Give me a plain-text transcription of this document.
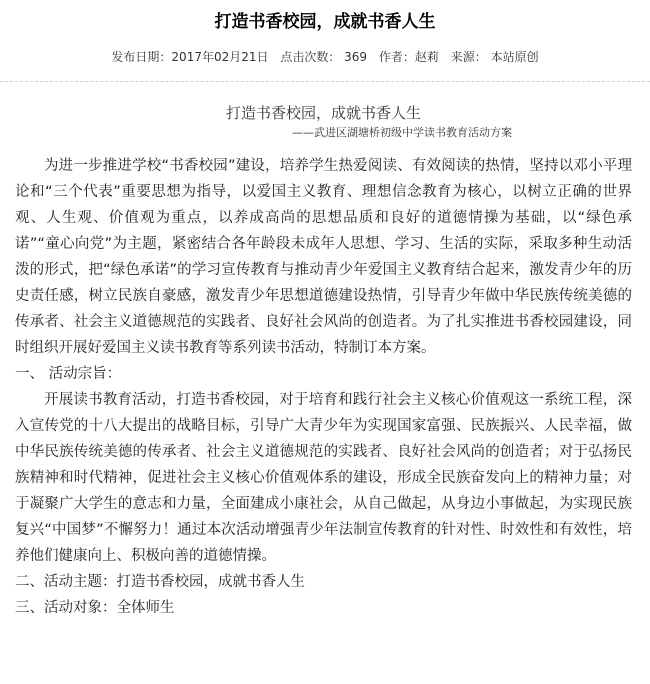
打造书香校园，成就书香人生
发布日期：2017年02月21日 点击次数： 369 作者：赵莉 来源： 本站原创
打造书香校园，成就书香人生
——武进区湖塘桥初级中学读书教育活动方案

为进一步推进学校“书香校园”建设，培养学生热爱阅读、有效阅读的热情，坚持以邓小平理论和“三个代表”重要思想为指导，以爱国主义教育、理想信念教育为核心，以树立正确的世界观、人生观、价值观为重点，以养成高尚的思想品质和良好的道德情操为基础，以“绿色承诺”“童心向党”为主题，紧密结合各年龄段未成年人思想、学习、生活的实际，采取多种生动活泼的形式，把“绿色承诺”的学习宣传教育与推动青少年爱国主义教育结合起来，激发青少年的历史责任感，树立民族自豪感，激发青少年思想道德建设热情，引导青少年做中华民族传统美德的传承者、社会主义道德规范的实践者、良好社会风尚的创造者。为了扎实推进书香校园建设，同时组织开展好爱国主义读书教育等系列读书活动，特制订本方案。

一、 活动宗旨：

开展读书教育活动，打造书香校园，对于培育和践行社会主义核心价值观这一系统工程，深入宣传党的十八大提出的战略目标，引导广大青少年为实现国家富强、民族振兴、人民幸福，做中华民族传统美德的传承者、社会主义道德规范的实践者、良好社会风尚的创造者；对于弘扬民族精神和时代精神，促进社会主义核心价值观体系的建设，形成全民族奋发向上的精神力量；对于凝聚广大学生的意志和力量，全面建成小康社会，从自己做起，从身边小事做起，为实现民族复兴“中国梦”不懈努力！通过本次活动增强青少年法制宣传教育的针对性、时效性和有效性，培养他们健康向上、积极向善的道德情操。

二、活动主题：打造书香校园，成就书香人生

三、活动对象：全体师生
